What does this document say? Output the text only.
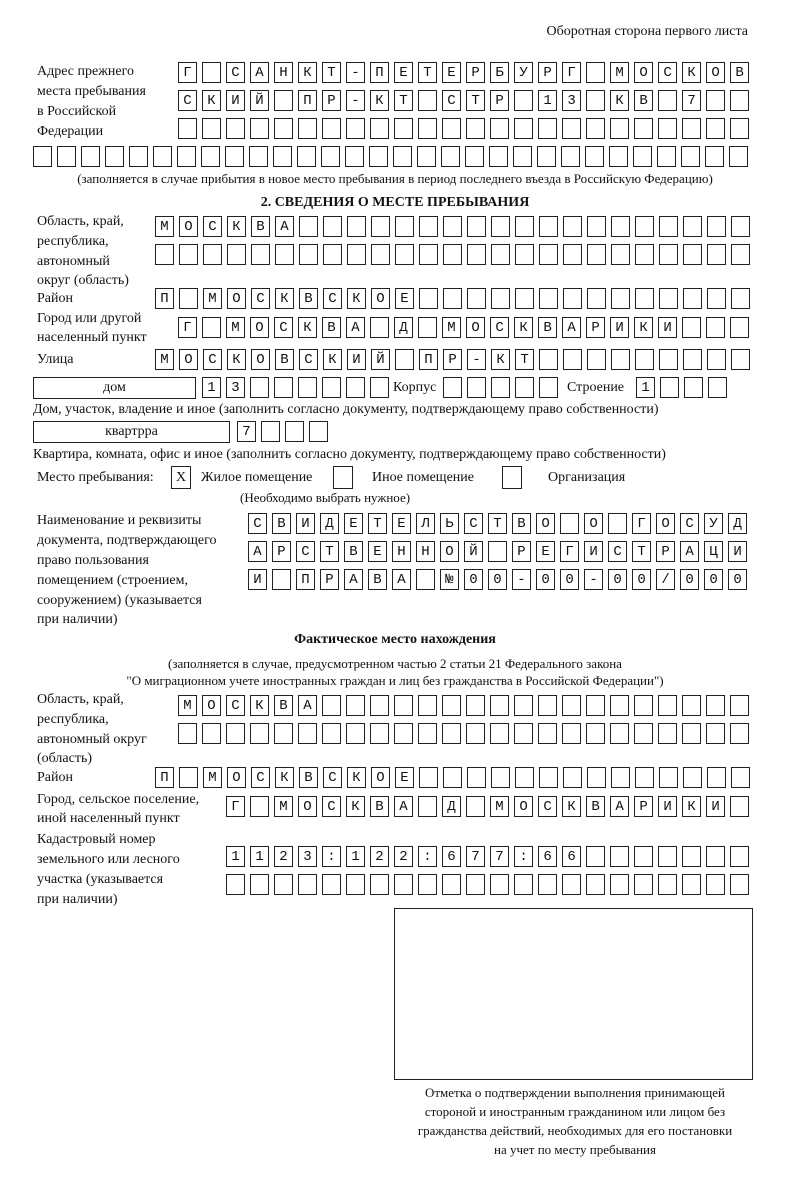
Оборотная сторона первого листа
Адрес прежнего
места пребывания
в Российской
Федерации
Г САНКТ-ПЕТЕРБУРГ МОСКОВ
СКИЙ ПР-КТ СТР 13 КВ 7

(заполняется в случае прибытия в новое место пребывания в период последнего въезда в Российскую Федерацию)
2. СВЕДЕНИЯ О МЕСТЕ ПРЕБЫВАНИЯ
Область, край,
республика,
автономный
округ (область)
МОСКВА

Район	П МОСКВСКОЕ
Город или другой
населенный пункт
Г МОСКВА Д МОСКВАРИКИ
Улица	МОСКОВСКИЙ ПР-КТ
дом	13
Корпус
	Строение 1
Дом, участок, владение и иное (заполнить согласно документу, подтверждающему право собственности)
квартрра	7
Квартира, комната, офис и иное (заполнить согласно документу, подтверждающему право собственности)
Место пребывания:	X	Жилое помещение	Иное помещение	Организация
(Необходимо выбрать нужное)
Наименование и реквизиты
документа, подтверждающего
право пользования
помещением (строением,
сооружением) (указывается
при наличии)
СВИДЕТЕЛЬСТВО О ГОСУД
АРСТВЕННОЙ РЕГИСТРАЦИ
И ПРАВА №00-00-00/000
Фактическое место нахождения
(заполняется в случае, предусмотренном частью 2 статьи 21 Федерального закона
"О миграционном учете иностранных граждан и лиц без гражданства в Российской Федерации")
Область, край,
республика,
автономный округ
(область)
МОСКВА

Район	П МОСКВСКОЕ
Город, сельское поселение,
иной населенный пункт
Г МОСКВА Д МОСКВАРИКИ
Кадастровый номер
земельного или лесного
участка (указывается
при наличии)
1123:122:677:66

Отметка о подтверждении выполнения принимающей
стороной и иностранным гражданином или лицом без
гражданства действий, необходимых для его постановки
на учет по месту пребывания
